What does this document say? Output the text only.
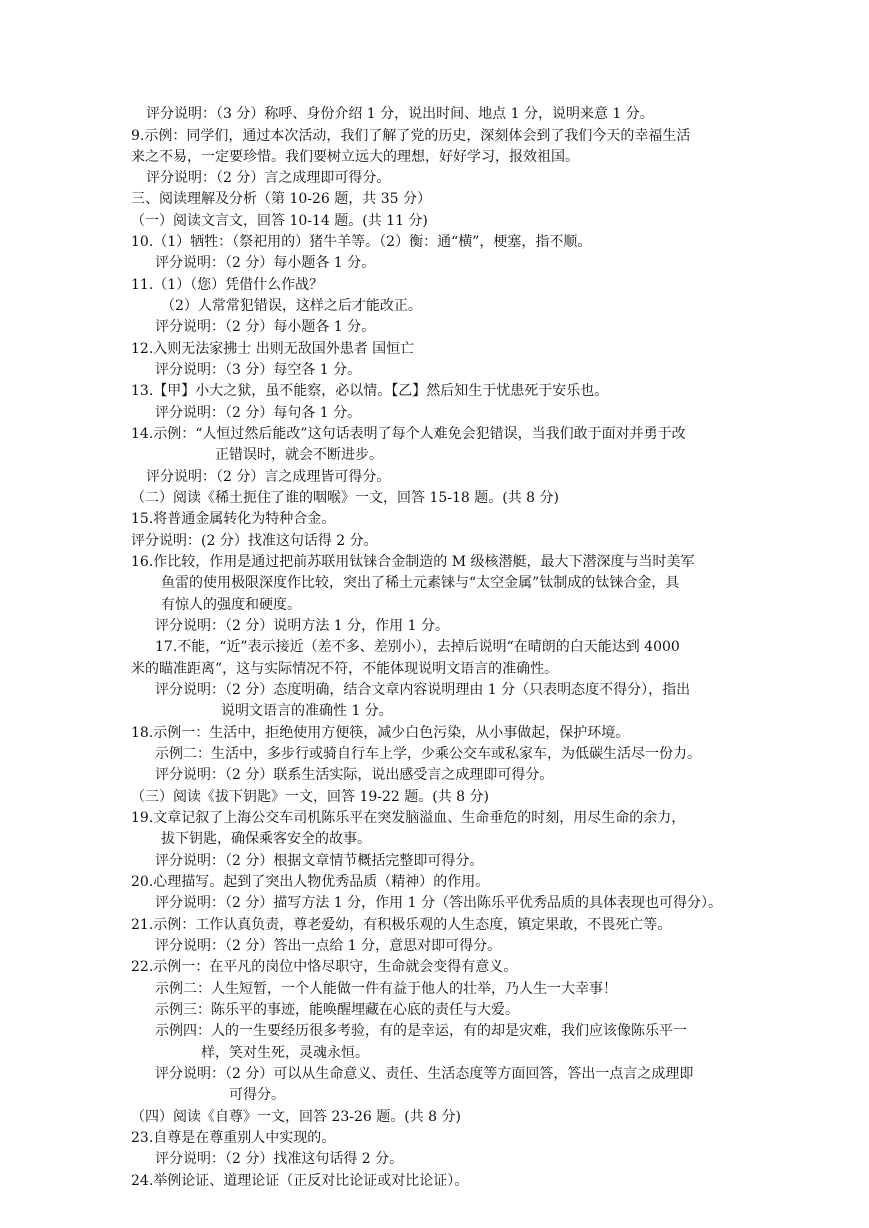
评分说明：（3 分）称呼、身份介绍 1 分，说出时间、地点 1 分，说明来意 1 分。
9.示例：同学们，通过本次活动，我们了解了党的历史，深刻体会到了我们今天的幸福生活
来之不易，一定要珍惜。我们要树立远大的理想，好好学习，报效祖国。
评分说明：（2 分）言之成理即可得分。
三、阅读理解及分析（第 10-26 题，共 35 分）
（一）阅读文言文，回答 10-14 题。(共 11 分)
10.（1）牺牲：（祭祀用的）猪牛羊等。（2）衡：通“横”，梗塞，指不顺。
评分说明：（2 分）每小题各 1 分。
11.（1）（您）凭借什么作战？
（2）人常常犯错误，这样之后才能改正。
评分说明：（2 分）每小题各 1 分。
12.入则无法家拂士 出则无敌国外患者 国恒亡
评分说明：（3 分）每空各 1 分。
13.【甲】小大之狱，虽不能察，必以情。【乙】然后知生于忧患死于安乐也。
评分说明：（2 分）每句各 1 分。
14.示例：“人恒过然后能改”这句话表明了每个人难免会犯错误，当我们敢于面对并勇于改
正错误时，就会不断进步。
评分说明：（2 分）言之成理皆可得分。
（二）阅读《稀土扼住了谁的咽喉》一文，回答 15-18 题。(共 8 分)
15.将普通金属转化为特种合金。
评分说明：(2 分）找准这句话得 2 分。
16.作比较，作用是通过把前苏联用钛铼合金制造的 M 级核潜艇，最大下潜深度与当时美军
鱼雷的使用极限深度作比较，突出了稀土元素铼与“太空金属”钛制成的钛铼合金，具
有惊人的强度和硬度。
评分说明：（2 分）说明方法 1 分，作用 1 分。
17.不能，“近”表示接近（差不多、差别小），去掉后说明“在晴朗的白天能达到 4000
米的瞄准距离”，这与实际情况不符，不能体现说明文语言的准确性。
评分说明：（2 分）态度明确，结合文章内容说明理由 1 分（只表明态度不得分），指出
说明文语言的准确性 1 分。
18.示例一：生活中，拒绝使用方便筷，减少白色污染，从小事做起，保护环境。
示例二：生活中，多步行或骑自行车上学，少乘公交车或私家车，为低碳生活尽一份力。
评分说明：（2 分）联系生活实际，说出感受言之成理即可得分。
（三）阅读《拔下钥匙》一文，回答 19-22 题。(共 8 分)
19.文章记叙了上海公交车司机陈乐平在突发脑溢血、生命垂危的时刻，用尽生命的余力，
拔下钥匙，确保乘客安全的故事。
评分说明：（2 分）根据文章情节概括完整即可得分。
20.心理描写。起到了突出人物优秀品质（精神）的作用。
评分说明：（2 分）描写方法 1 分，作用 1 分（答出陈乐平优秀品质的具体表现也可得分）。
21.示例：工作认真负责，尊老爱幼，有积极乐观的人生态度，镇定果敢，不畏死亡等。
评分说明：（2 分）答出一点给 1 分，意思对即可得分。
22.示例一：在平凡的岗位中恪尽职守，生命就会变得有意义。
示例二：人生短暂，一个人能做一件有益于他人的壮举，乃人生一大幸事！
示例三：陈乐平的事迹，能唤醒埋藏在心底的责任与大爱。
示例四：人的一生要经历很多考验，有的是幸运，有的却是灾难，我们应该像陈乐平一
样，笑对生死，灵魂永恒。
评分说明：（2 分）可以从生命意义、责任、生活态度等方面回答，答出一点言之成理即
可得分。
（四）阅读《自尊》一文，回答 23-26 题。(共 8 分)
23.自尊是在尊重别人中实现的。
评分说明：（2 分）找准这句话得 2 分。
24.举例论证、道理论证（正反对比论证或对比论证）。
